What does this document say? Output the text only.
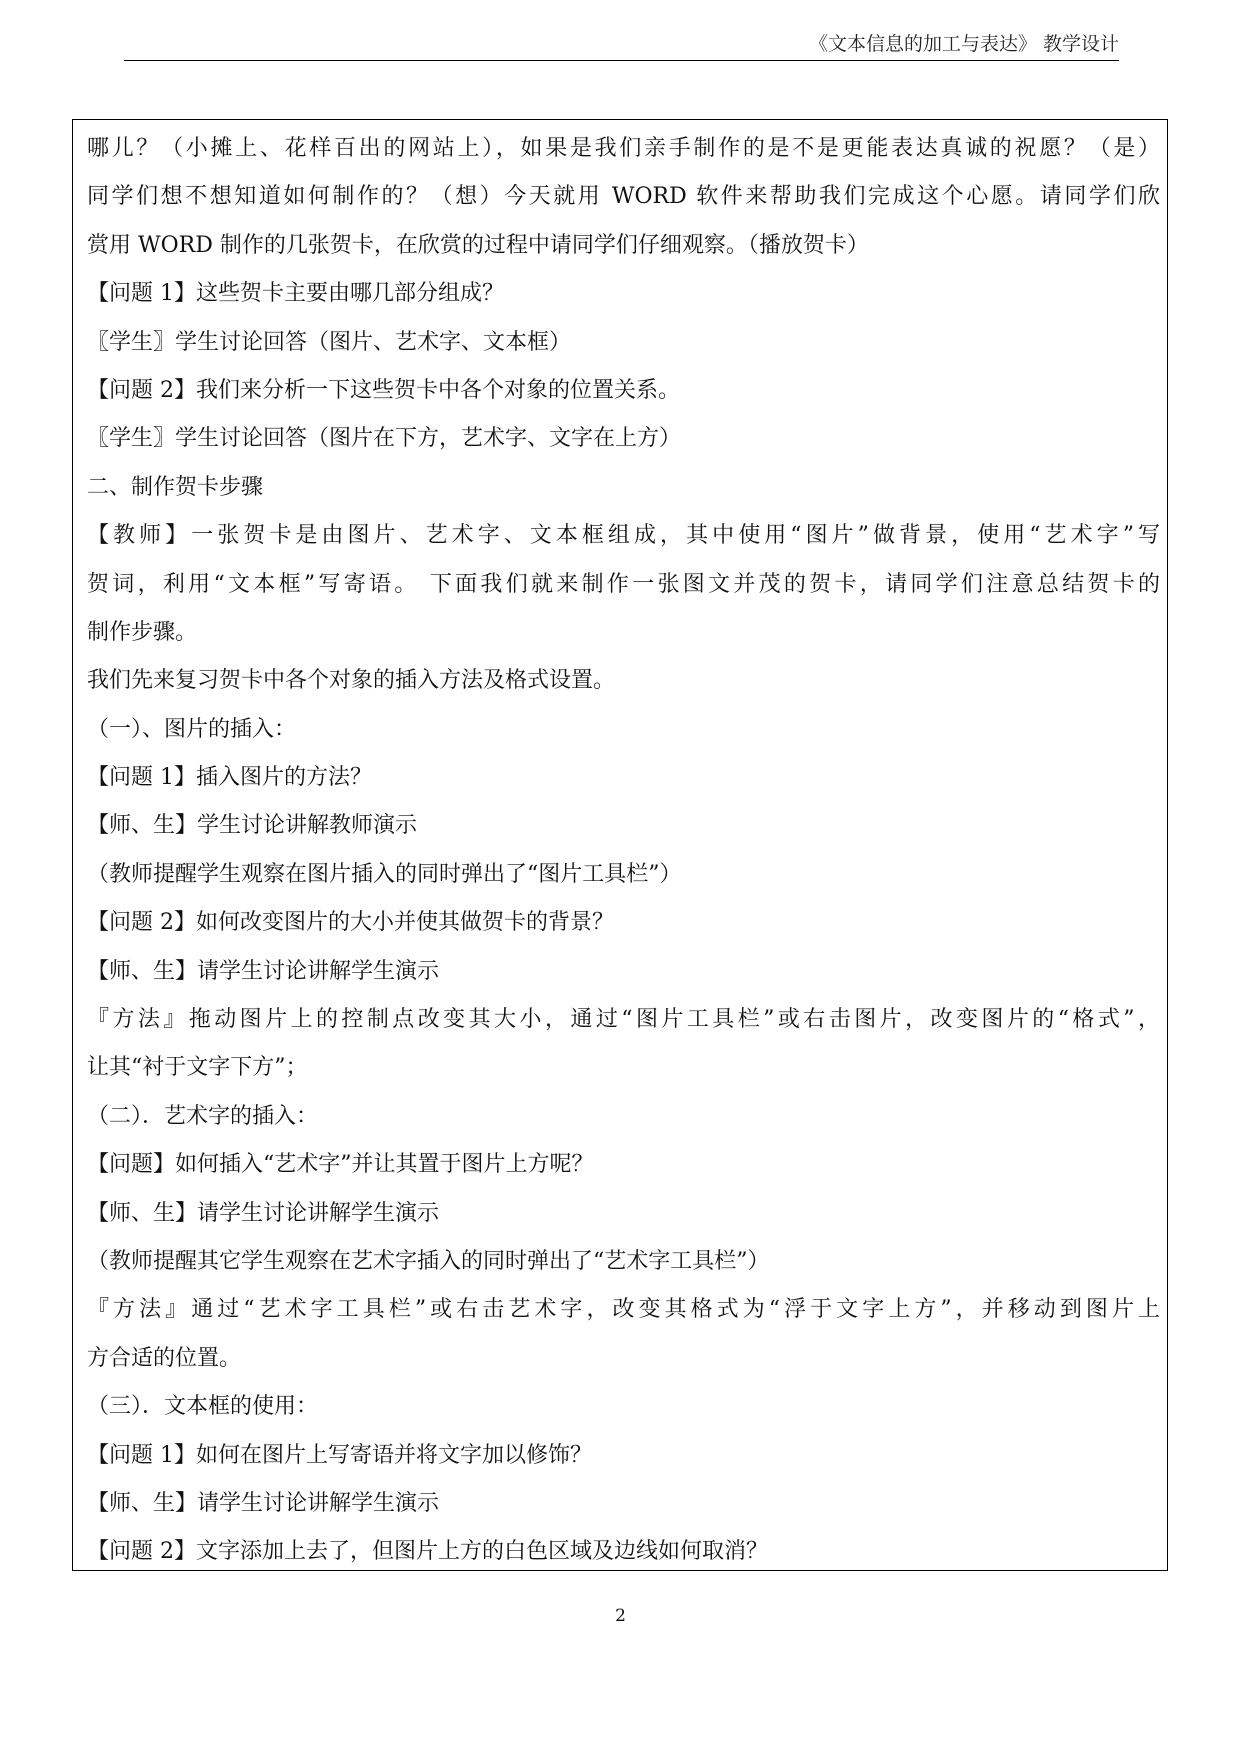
《文本信息的加工与表达》 教学设计
哪儿？（小摊上、花样百出的网站上），如果是我们亲手制作的是不是更能表达真诚的祝愿？（是）
同学们想不想知道如何制作的？（想）今天就用 WORD 软件来帮助我们完成这个心愿。请同学们欣
赏用 WORD 制作的几张贺卡，在欣赏的过程中请同学们仔细观察。（播放贺卡）
【问题 1】这些贺卡主要由哪几部分组成？
〖学生〗学生讨论回答（图片、艺术字、文本框）
【问题 2】我们来分析一下这些贺卡中各个对象的位置关系。
〖学生〗学生讨论回答（图片在下方，艺术字、文字在上方）
二、制作贺卡步骤
【教师】一张贺卡是由图片、艺术字、文本框组成，其中使用“图片”做背景，使用“艺术字”写
贺词，利用“文本框”写寄语。 下面我们就来制作一张图文并茂的贺卡，请同学们注意总结贺卡的
制作步骤。
我们先来复习贺卡中各个对象的插入方法及格式设置。
（一）、图片的插入：
【问题 1】插入图片的方法？
【师、生】学生讨论讲解教师演示
（教师提醒学生观察在图片插入的同时弹出了“图片工具栏”）
【问题 2】如何改变图片的大小并使其做贺卡的背景？
【师、生】请学生讨论讲解学生演示
『方法』拖动图片上的控制点改变其大小，通过“图片工具栏”或右击图片，改变图片的“格式”，
让其“衬于文字下方”；
（二）．艺术字的插入：
【问题】如何插入“艺术字”并让其置于图片上方呢？
【师、生】请学生讨论讲解学生演示
（教师提醒其它学生观察在艺术字插入的同时弹出了“艺术字工具栏”）
『方法』通过“艺术字工具栏”或右击艺术字，改变其格式为“浮于文字上方”，并移动到图片上
方合适的位置。
（三）．文本框的使用：
【问题 1】如何在图片上写寄语并将文字加以修饰？
【师、生】请学生讨论讲解学生演示
【问题 2】文字添加上去了，但图片上方的白色区域及边线如何取消？
2
